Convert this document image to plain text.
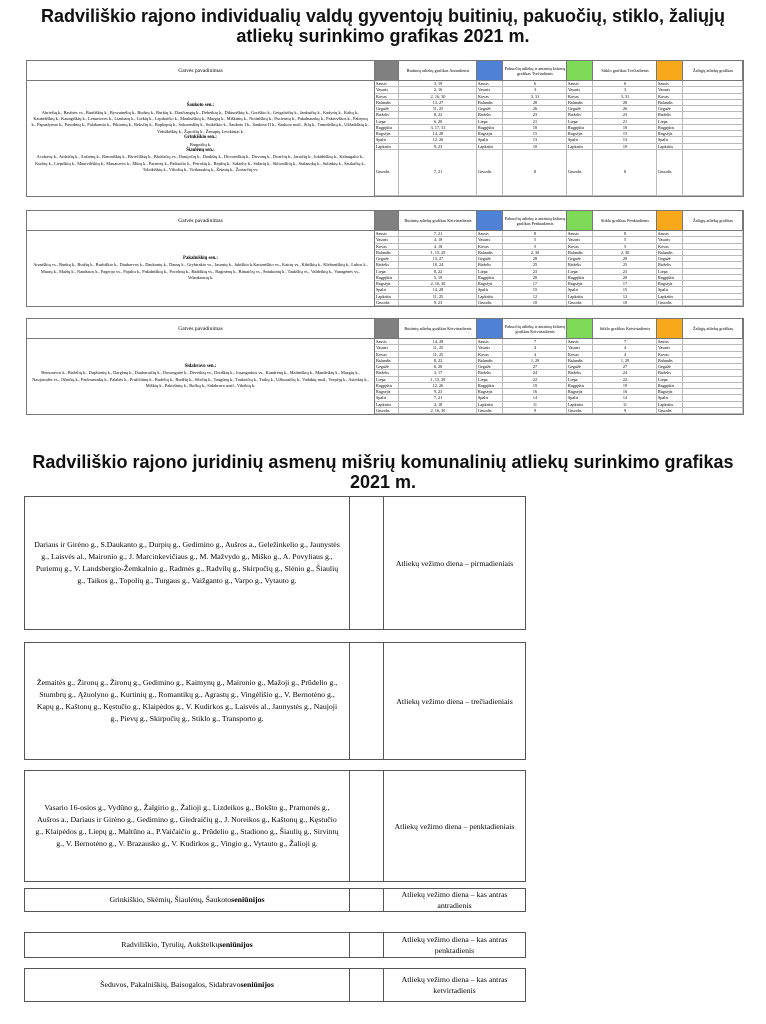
Radviliškio rajono individualių valdų gyventojų buitinių, pakuočių, stiklo, žaliųjų atliekų surinkimo grafikas 2021 m.
Gatvės pavadinimas
Šaukoto sen.:
Abriešių k., Baubiės vs., Baušiškių k., Bysvainėlių k., Budrių k., Burkių k., Daučiangių k., Debeikių k., Dikturiškių k., Goriškio k., Geigalaičių k., Jankaičių k., Kadyrių k., Kaltų k., Kauneliškių k., Kaungiškių k., Lenurtoves k., Liaubarų k., Liekių k., Lepikaičio k., Mauksiškių k., Margių k., Miškinių k., Notiniškių k., Pacienrių k., Pakalnauskų k., Pakrovškos k., Pabrynų k., Papuslyrmo k., Pasodnių k., Palakarnio k., Piktonių k., Reksčių k., Ropkepių k., Sokunedžių k., Sutkiškio k., Šaukoto I k., Šaukoto II k., Šaukoto mstl., Šilų k., Tamošiškių k., Užžadiškių k., Vidulkiškių k., Žąsoičių k., Ženupių Levikiniai k.
Grinkiškio sen.:
Bargeišių k.
Šiaulėnų sen.:
Acokavų k., Ardaičių k., Aušrėnų k., Baroniškių k., Biriečiškių k., Bložiačių vs., Danijočių k., Daukšių k., Dirvoniškių k., Dirvonų k., Dvarčių k., Jaraičių k., Jokūbiškių k., Kalnugalio k., Kudrių k., Liepiškių k., Mautviliškių k., Mauatuvos k., Mūrų k., Paraėrių k., Pašiaulio k., Petrošių k., Repšių k., Sakteliy k., Sidarių k., Sklioriškių k., Stalanokų k., Sulinkių k., Šaulaičių k., Toleikiškių k., Viliošių k., Virikauskių k., Žeimių k., Žostarčių vs.
Buitinių atliekų grafikas Antradienis	Pakuočių atliekų ir antrinių žaliavų grafikas Trečiadienis	Stiklo grafikas Trečiadienis	Žaliųjų atliekų grafikas
Sausis	3, 19	Sausis	6	Sausis	6	Sausis
Vasaris	2, 16	Vasaris	3	Vasaris	3	Vasaris
Kovas	2, 16, 30	Kovas	3, 31	Kovas	3, 31	Kovas
Balandis	13, 27	Balandis	28	Balandis	28	Balandis
Gegužė	11, 25	Gegužė	26	Gegužė	26	Gegužė
Birželis	8, 22	Birželis	23	Birželis	23	Birželis
Liepa	6, 20	Liepa	21	Liepa	21	Liepa
Rugpjūtis	3, 17, 31	Rugpjūtis	18	Rugpjūtis	18	Rugpjūtis
Rugsėjis	14, 28	Rugsėjis	15	Rugsėjis	15	Rugsėjis
Spalis	12, 26	Spalis	13	Spalis	13	Spalis
Lapkritis	9, 23	Lapkritis	10	Lapkritis	10	Lapkritis
Gruodis	7, 21	Gruodis	8	Gruodis	8	Gruodis
Gatvės pavadinimas
Pakalniškių sen.:
Aroniškių vs., Bunkų k., Bražių k., Burbiškio k., Daubarvos k., Daukonių k., Dausų k., Grybtrakio vs., Jasonių k., Jukiškio k.Karizniškio vs., Kairių vs., Kibiškių k., Kleboniškių k., Lubos k., Maurų k., Mažių k., Naudusos k., Pageojo vs., Pajuliu k., Pakalniškių k., Pocelinų k., Radiškių vs., Raginėnų k., Rimaičių vs., Šniukonių k., Taukšlių vs., Valdeikių k., Vanagėnės vs., Velaukionių k.
Buitinių atliekų grafikas Ketvirtadienis	Pakuočių atliekų ir antrinių žaliavų grafikas Penktadienis	Stiklo grafikas Penktadienis	Žaliųjų atliekų grafikas
Sausis	7, 21	Sausis	8	Sausis	8	Sausis
Vasaris	4, 18	Vasaris	5	Vasaris	5	Vasaris
Kovas	4, 18	Kovas	5	Kovas	5	Kovas
Balandis	1, 15, 29	Balandis	2, 30	Balandis	2, 30	Balandis
Gegužė	13, 27	Gegužė	28	Gegužė	28	Gegužė
Birželis	10, 24	Birželis	25	Birželis	25	Birželis
Liepa	8, 22	Liepa	23	Liepa	23	Liepa
Rugpjūtis	5, 19	Rugpjūtis	20	Rugpjūtis	20	Rugpjūtis
Rugsėjis	2, 16, 30	Rugsėjis	17	Rugsėjis	17	Rugsėjis
Spalis	14, 28	Spalis	15	Spalis	15	Spalis
Lapkritis	11, 25	Lapkritis	12	Lapkritis	12	Lapkritis
Gruodis	9, 23	Gruodis	10	Gruodis	10	Gruodis
Gatvės pavadinimas
Sidabravo sen.:
Beinoravos k., Biržėlių k., Dapšionių k., Dargėnų k., Daubaraičių k., Davongaitė k., Deveikių vs., Dotiškių k., Josangarkos vs., Kundrėnų k., Maltniškių k., Mandeikių k., Mazgių k., Naujasodės vs., Ožaičių k., Padvarninkų k., Palabės k., Prašičiūnų k., Rudelių k., Rudžių k., Sibičių k., Taugūnų k., Taulaočių k., Trakų k., Užkuraičių k., Vadaktų mstl., Verpėjų k., Asteikių k., Miškių k., Pakiršinių k., Ročkų k., Sidabravo mstl., Vikėkių k.
Buitinių atliekų grafikas Ketvirtadienis	Pakuočių atliekų ir antrinių žaliavų grafikas Ketvirtadienis	Stiklo grafikas Ketvirtadienis	Žaliųjų atliekų grafikas
Sausis	14, 28	Sausis	7	Sausis	7	Sausis
Vasaris	11, 25	Vasaris	4	Vasaris	4	Vasaris
Kovas	11, 25	Kovas	4	Kovas	4	Kovas
Balandis	8, 22	Balandis	1, 29	Balandis	1, 29	Balandis
Gegužė	6, 20	Gegužė	27	Gegužė	27	Gegužė
Birželis	3, 17	Birželis	24	Birželis	24	Birželis
Liepa	1, 15, 29	Liepa	22	Liepa	22	Liepa
Rugpjūtis	12, 26	Rugpjūtis	19	Rugpjūtis	19	Rugpjūtis
Rugsėjis	9, 23	Rugsėjis	16	Rugsėjis	16	Rugsėjis
Spalis	7, 21	Spalis	14	Spalis	14	Spalis
Lapkritis	4, 18	Lapkritis	11	Lapkritis	11	Lapkritis
Gruodis	2, 16, 30	Gruodis	9	Gruodis	9	Gruodis
Radviliškio rajono juridinių asmenų mišrių komunalinių atliekų surinkimo grafikas 2021 m.
Dariaus ir Girėno g., S.Daukanto g., Durpių g., Gedimino g., Aušros a., Geležinkelio g., Jaunystės g., Laisvės al., Maironio g., J. Marcinkevičiaus g., M. Mažvydo g., Miško g., A. Povyliaus g., Puriemų g., V. Landsbergio-Žemkalnio g., Radmės g., Radvilų g., Skirpočių g., Slėnio g., Šiaulių g., Taikos g., Topolių g., Turgaus g., Vaižganto g., Varpo g., Vytauto g.
Atliekų vežimo diena – pirmadieniais
Žemaitės g., Žironų g., Žironų g., Gedimino g., Kaimynų g., Maironio g., Mažoji g., Prūdelio g., Stumbrų g., Ąžuolyno g., Kurtinių g., Romantikų g., Agrastų g., Vingėlišio g., V. Bernotėno g., Kapų g., Kaštonų g., Kęstučio g., Klaipėdos g., V. Kudirkos g., Laisvės al., Jaunystės g., Naujoji g., Pievų g., Skirpočių g., Stiklo g., Transporto g.
Atliekų vežimo diena – trečiadieniais
Vasario 16-osios g., Vydūno g., Žalgirio g., Žalioji g., Lizdeikos g., Bokšto g., Pramonės g., Aušros a., Dariaus ir Girėno g., Gedimino g., Giedraičių g., J. Noreikos g., Kaštonų g., Kęstučio g., Klaipėdos g., Liepų g., Maltūno a., P.Vaičaičio g., Prūdelio g., Stadiono g., Šiaulių g., Sirvintų g., V. Bernotėno g., V. Brazausko g., V. Kudirkos g., Vingio g., Vytauto g., Žalioji g.
Atliekų vežimo diena – penktadieniais
Grinkiškio, Skėmių, Šiaulėnų, Šaukoto seniūnijos
Atliekų vežimo diena – kas antras antradienis
Radviliškio, Tyrulių, Aukštelkų seniūnijos
Atliekų vežimo diena – kas antras penktadienis
Šeduvos, Pakalniškių, Baisogalos, Sidabravo seniūnijos
Atliekų vežimo diena – kas antras ketvirtadienis
